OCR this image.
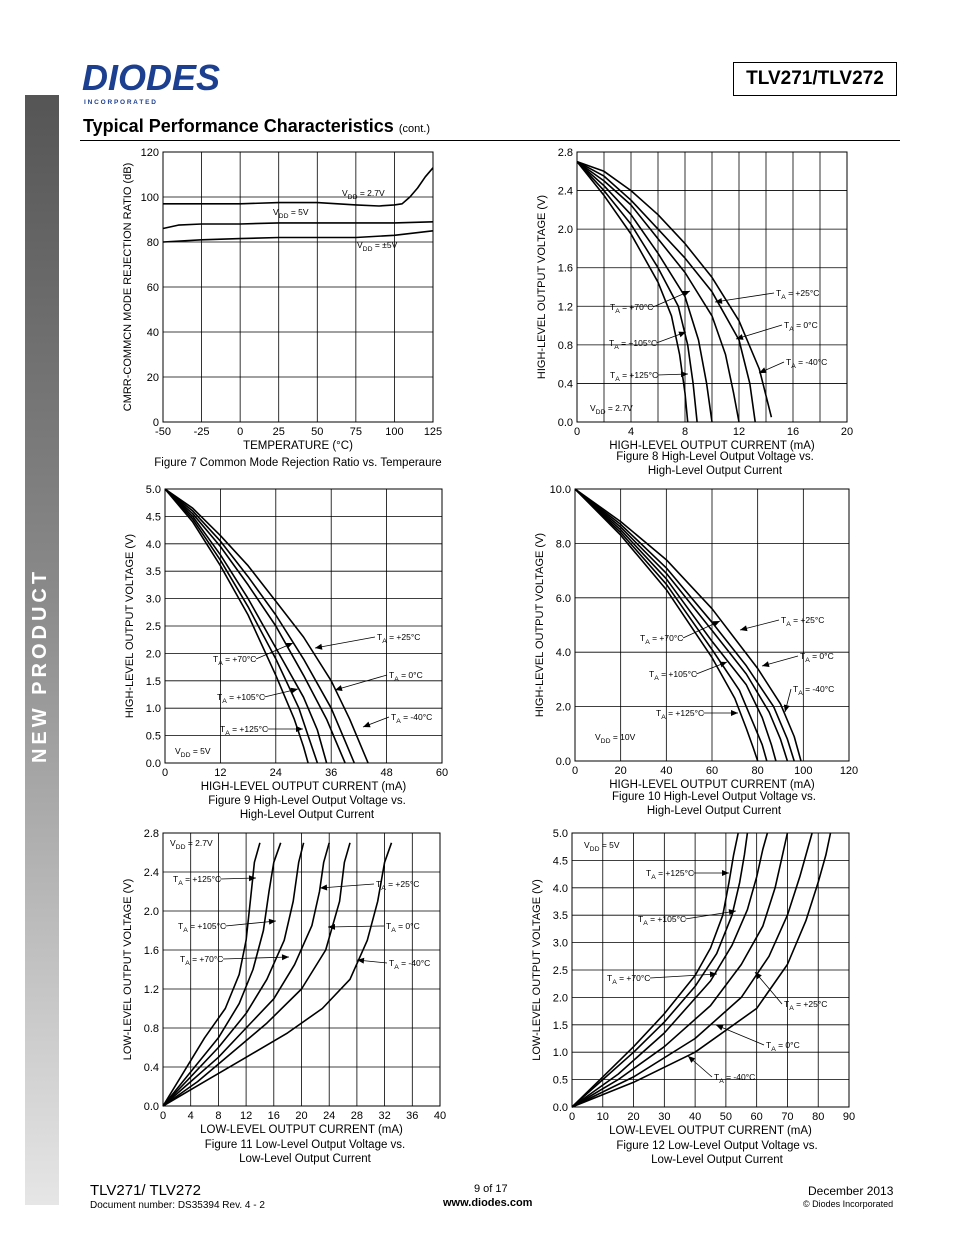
NEW PRODUCT
DIODES
I N C O R P O R A T E D
TLV271/TLV272
Typical Performance Characteristics (cont.)
-50 -25	0	25 50 75 100 125
0
20
40
60
80
100
120
TEMPERATURE (°C)
CMRR-COMMCN MODE REJECTION RATIO (dB)
Figure 7 Common Mode Rejection Ratio vs. Temperaure
$V_{DD} = 2.7V$
$V_{DD} = 5V$
$V_{DD} = \pm 5V$
0	4	8	12	16	20
0.0
0.4
0.8
1.2
1.6
2.0
2.4
2.8
HIGH-LEVEL OUTPUT CURRENT (mA)
HIGH-LEVEL OUTPUT VOLTAGE (V)
Figure 8 High-Level Output Voltage vs.
High-Level Output Current
$T_A = +125^\circ C$
$T_A = +105^\circ C$
$T_A = +70^\circ C$
$T_A = +25^\circ C$
$T_A = 0^\circ C$
$T_A = -40^\circ C$
$V_{DD} = 2.7V$
0	12	24	36	48	60
0.0
0.5
1.0
1.5
2.0
2.5
3.0
3.5
4.0
4.5
5.0
HIGH-LEVEL OUTPUT CURRENT (mA)
HIGH-LEVEL OUTPUT VOLTAGE (V)
Figure 9 High-Level Output Voltage vs.
High-Level Output Current
$T_A = +125^\circ C$
$T_A = +105^\circ C$
$T_A = +70^\circ C$
$T_A = +25^\circ C$
$T_A = 0^\circ C$
$T_A = -40^\circ C$
$V_{DD} = 5V$
0	20	40	60	80	100 120
0.0
2.0
4.0
6.0
8.0
10.0
HIGH-LEVEL OUTPUT CURRENT (mA)
HIGH-LEVEL OUTPUT VOLTAGE (V)
Figure 10 High-Level Output Voltage vs.
High-Level Output Current
$T_A = +125^\circ C$
$T_A = +105^\circ C$
$T_A = +70^\circ C$
$T_A = +25^\circ C$
$T_A = 0^\circ C$
$T_A = -40^\circ C$
$V_{DD} = 10V$
0 4 8 12 16 20 24 28 32 36 40
0.0
0.4
0.8
1.2
1.6
2.0
2.4
2.8
LOW-LEVEL OUTPUT CURRENT (mA)
LOW-LEVEL OUTPUT VOLTAGE (V)
Figure 11 Low-Level Output Voltage vs.
Low-Level Output Current
$T_A = +125^\circ C$
$T_A = +105^\circ C$
$T_A = +70^\circ C$
$T_A = +25^\circ C$
$T_A = 0^\circ C$
$T_A = -40^\circ C$
$V_{DD} = 2.7V$
0 10 20 30 40 50 60 70 80 90
0.0
0.5
1.0
1.5
2.0
2.5
3.0
3.5
4.0
4.5
5.0
LOW-LEVEL OUTPUT CURRENT (mA)
LOW-LEVEL OUTPUT VOLTAGE (V)
Figure 12 Low-Level Output Voltage vs.
Low-Level Output Current
$T_A = +125^\circ C$
$T_A = +105^\circ C$
$T_A = +70^\circ C$
$T_A = +25^\circ C$
$T_A = 0^\circ C$
$T_A = -40^\circ C$
$V_{DD} = 5V$
TLV271/ TLV272
Document number: DS35394 Rev. 4 - 2
9 of 17
www.diodes.com
December 2013
© Diodes Incorporated
